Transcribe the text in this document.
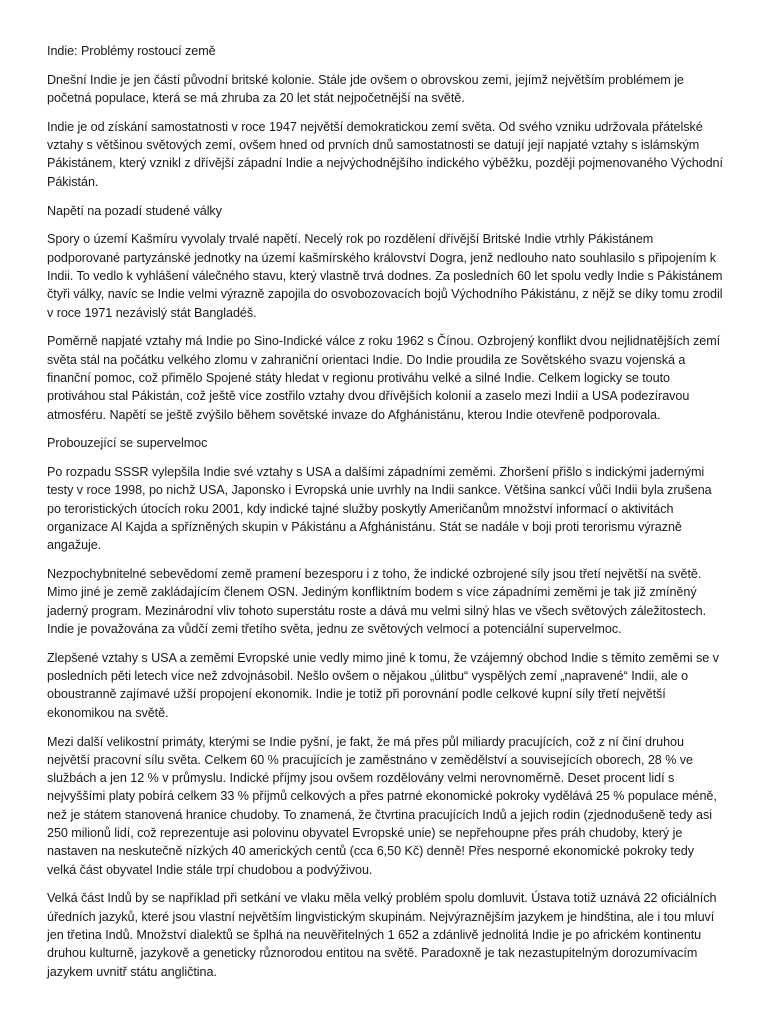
Indie: Problémy rostoucí země

Dnešní Indie je jen částí původní britské kolonie. Stále jde ovšem o obrovskou zemi, jejímž největším problémem je početná populace, která se má zhruba za 20 let stát nejpočetnější na světě.

Indie je od získání samostatnosti v roce 1947 největší demokratickou zemí světa. Od svého vzniku udržovala přátelské vztahy s většinou světových zemí, ovšem hned od prvních dnů samostatnosti se datují její napjaté vztahy s islámským Pákistánem, který vznikl z dřívější západní Indie a nejvýchodnějšího indického výběžku, později pojmenovaného Východní Pákistán.

Napětí na pozadí studené války

Spory o území Kašmíru vyvolaly trvalé napětí. Necelý rok po rozdělení dřívější Britské Indie vtrhly Pákistánem podporované partyzánské jednotky na území kašmírského království Dogra, jenž nedlouho nato souhlasilo s připojením k Indii. To vedlo k vyhlášení válečného stavu, který vlastně trvá dodnes. Za posledních 60 let spolu vedly Indie s Pákistánem čtyři války, navíc se Indie velmi výrazně zapojila do osvobozovacích bojů Východního Pákistánu, z nějž se díky tomu zrodil v roce 1971 nezávislý stát Bangladéš.

Poměrně napjaté vztahy má Indie po Sino-Indické válce z roku 1962 s Čínou. Ozbrojený konflikt dvou nejlidnatějších zemí světa stál na počátku velkého zlomu v zahraniční orientaci Indie. Do Indie proudila ze Sovětského svazu vojenská a finanční pomoc, což přimělo Spojené státy hledat v regionu protiváhu velké a silné Indie. Celkem logicky se touto protiváhou stal Pákistán, což ještě více zostřilo vztahy dvou dřívějších kolonií a zaselo mezi Indií a USA podezíravou atmosféru. Napětí se ještě zvýšilo během sovětské invaze do Afghánistánu, kterou Indie otevřeně podporovala.

Probouzející se supervelmoc

Po rozpadu SSSR vylepšila Indie své vztahy s USA a dalšími západními zeměmi. Zhoršení přišlo s indickými jadernými testy v roce 1998, po nichž USA, Japonsko i Evropská unie uvrhly na Indii sankce. Většina sankcí vůči Indii byla zrušena po teroristických útocích roku 2001, kdy indické tajné služby poskytly Američanům množství informací o aktivitách organizace Al Kajda a spřízněných skupin v Pákistánu a Afghánistánu. Stát se nadále v boji proti terorismu výrazně angažuje.

Nezpochybnitelné sebevědomí země pramení bezesporu i z toho, že indické ozbrojené síly jsou třetí největší na světě. Mimo jiné je země zakládajícím členem OSN. Jediným konfliktním bodem s více západními zeměmi je tak již zmíněný jaderný program. Mezinárodní vliv tohoto superstátu roste a dává mu velmi silný hlas ve všech světových záležitostech. Indie je považována za vůdčí zemi třetího světa, jednu ze světových velmocí a potenciální supervelmoc.

Zlepšené vztahy s USA a zeměmi Evropské unie vedly mimo jiné k tomu, že vzájemný obchod Indie s těmito zeměmi se v posledních pěti letech více než zdvojnásobil. Nešlo ovšem o nějakou „úlitbu“ vyspělých zemí „napravené“ Indii, ale o oboustranně zajímavé užší propojení ekonomik. Indie je totiž při porovnání podle celkové kupní síly třetí největší ekonomikou na světě.

Mezi další velikostní primáty, kterými se Indie pyšní, je fakt, že má přes půl miliardy pracujících, což z ní činí druhou největší pracovní sílu světa. Celkem 60 % pracujících je zaměstnáno v zemědělství a souvisejících oborech, 28 % ve službách a jen 12 % v průmyslu. Indické příjmy jsou ovšem rozdělovány velmi nerovnoměrně. Deset procent lidí s nejvyššími platy pobírá celkem 33 % příjmů celkových a přes patrné ekonomické pokroky vydělává 25 % populace méně, než je státem stanovená hranice chudoby. To znamená, že čtvrtina pracujících Indů a jejich rodin (zjednodušeně tedy asi 250 milionů lidí, což reprezentuje asi polovinu obyvatel Evropské unie) se nepřehoupne přes práh chudoby, který je nastaven na neskutečně nízkých 40 amerických centů (cca 6,50 Kč) denně! Přes nesporné ekonomické pokroky tedy velká část obyvatel Indie stále trpí chudobou a podvýživou.

Velká část Indů by se například při setkání ve vlaku měla velký problém spolu domluvit. Ústava totiž uznává 22 oficiálních úředních jazyků, které jsou vlastní největším lingvistickým skupinám. Nejvýraznějším jazykem je hindština, ale i tou mluví jen třetina Indů. Množství dialektů se šplhá na neuvěřitelných 1 652 a zdánlivě jednolitá Indie je po africkém kontinentu druhou kulturně, jazykově a geneticky různorodou entitou na světě. Paradoxně je tak nezastupitelným dorozumívacím jazykem uvnitř státu angličtina.
